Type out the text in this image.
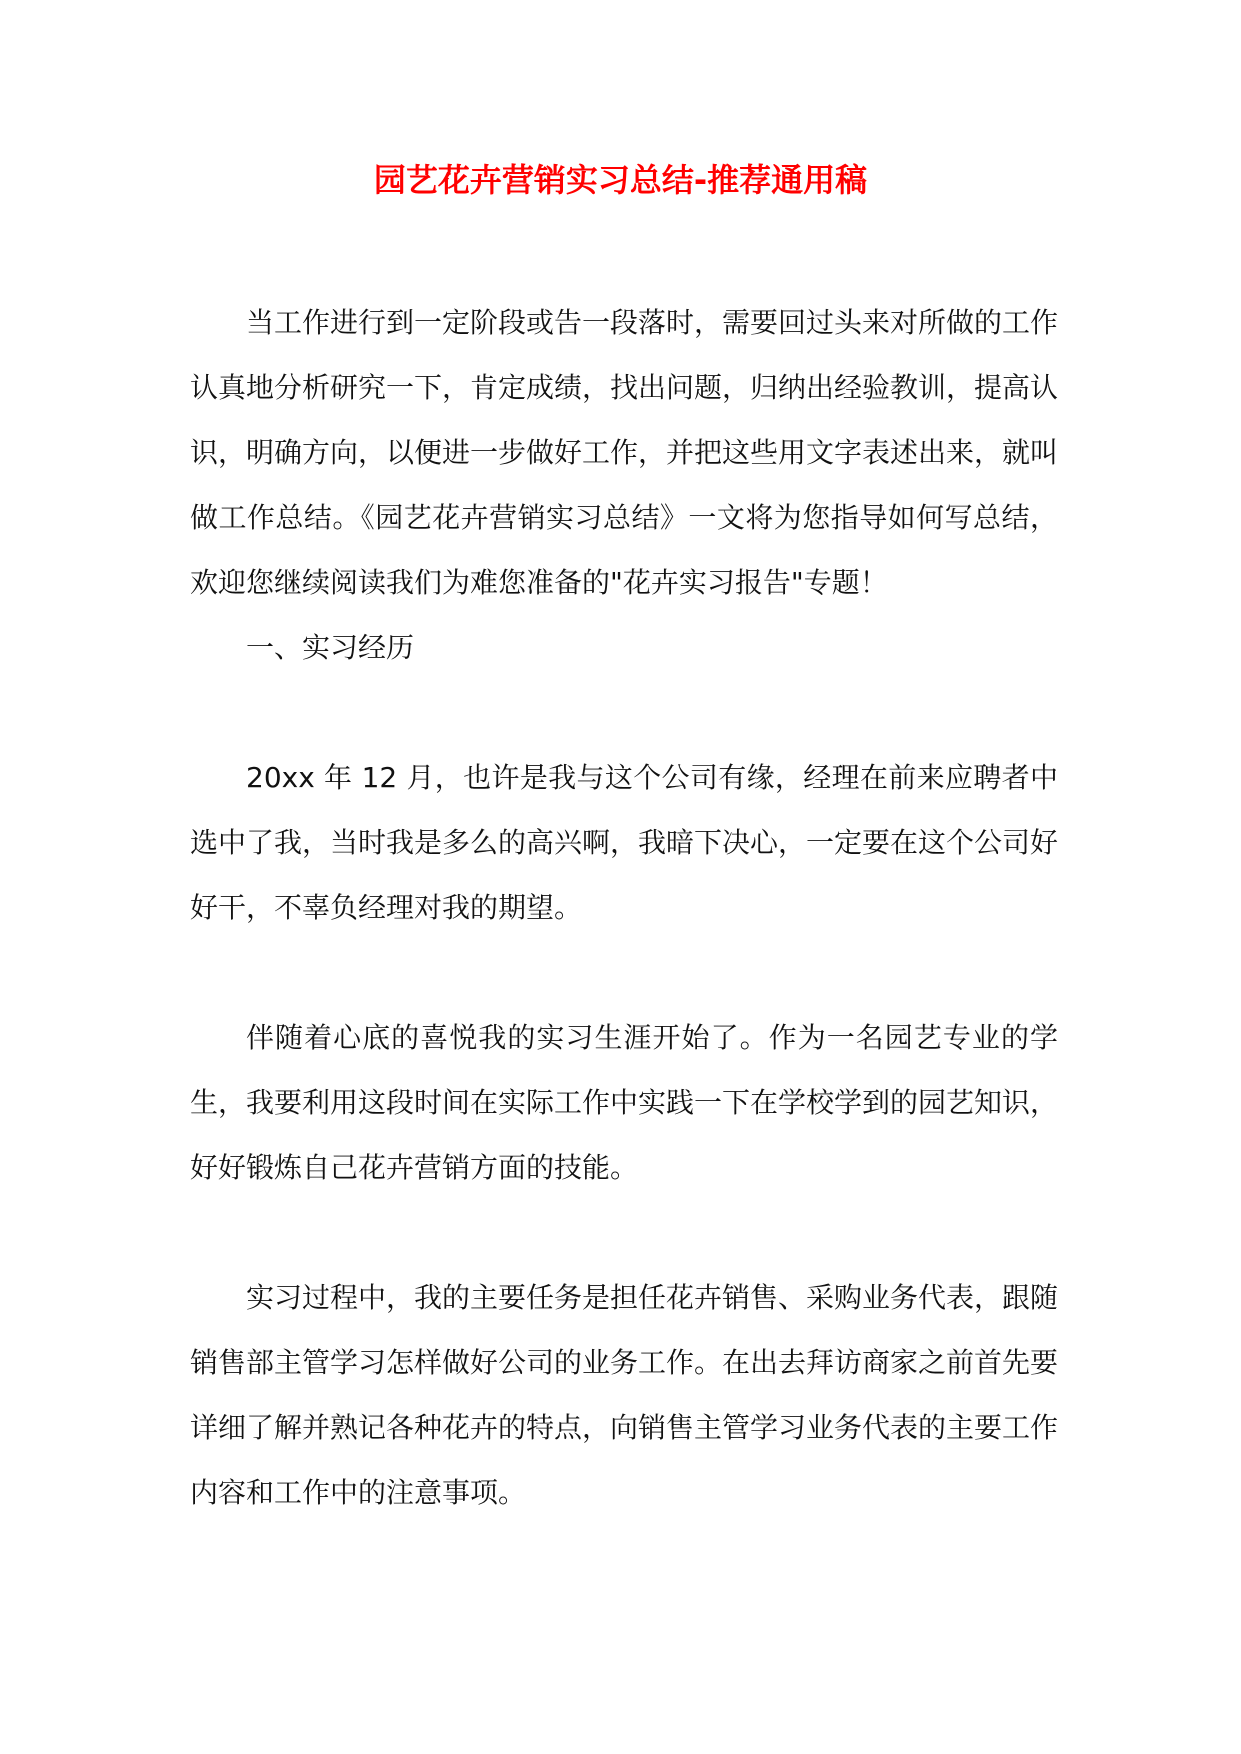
园艺花卉营销实习总结-推荐通用稿

当工作进行到一定阶段或告一段落时，需要回过头来对所做的工作认真地分析研究一下，肯定成绩，找出问题，归纳出经验教训，提高认识，明确方向，以便进一步做好工作，并把这些用文字表述出来，就叫做工作总结。《园艺花卉营销实习总结》一文将为您指导如何写总结，欢迎您继续阅读我们为难您准备的"花卉实习报告"专题！

一、实习经历

20xx 年 12 月，也许是我与这个公司有缘，经理在前来应聘者中选中了我，当时我是多么的高兴啊，我暗下决心，一定要在这个公司好好干，不辜负经理对我的期望。

伴随着心底的喜悦我的实习生涯开始了。作为一名园艺专业的学生，我要利用这段时间在实际工作中实践一下在学校学到的园艺知识，好好锻炼自己花卉营销方面的技能。

实习过程中，我的主要任务是担任花卉销售、采购业务代表，跟随销售部主管学习怎样做好公司的业务工作。在出去拜访商家之前首先要详细了解并熟记各种花卉的特点，向销售主管学习业务代表的主要工作内容和工作中的注意事项。
